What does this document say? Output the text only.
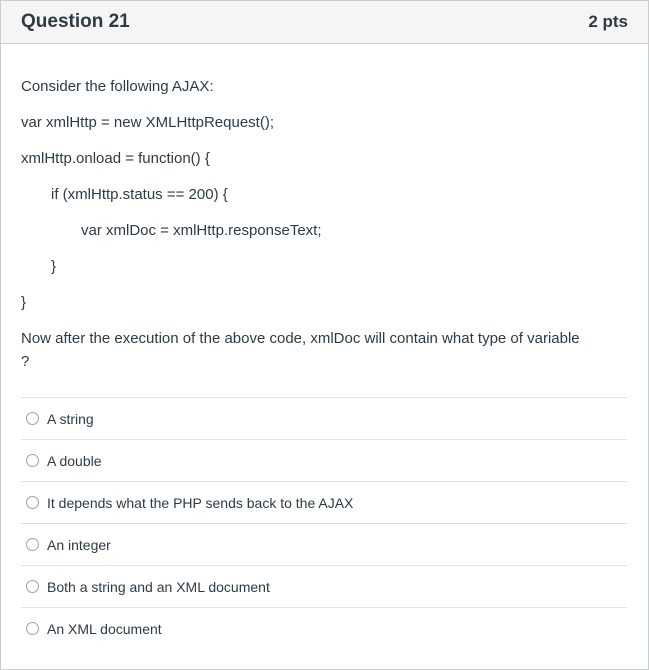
Question 21	2 pts
Consider the following AJAX:
var xmlHttp = new XMLHttpRequest();
xmlHttp.onload = function() {
if (xmlHttp.status == 200) {
var xmlDoc = xmlHttp.responseText;
}
}
Now after the execution of the above code, xmlDoc will contain what type of variable
?
A string
A double
It depends what the PHP sends back to the AJAX
An integer
Both a string and an XML document
An XML document
